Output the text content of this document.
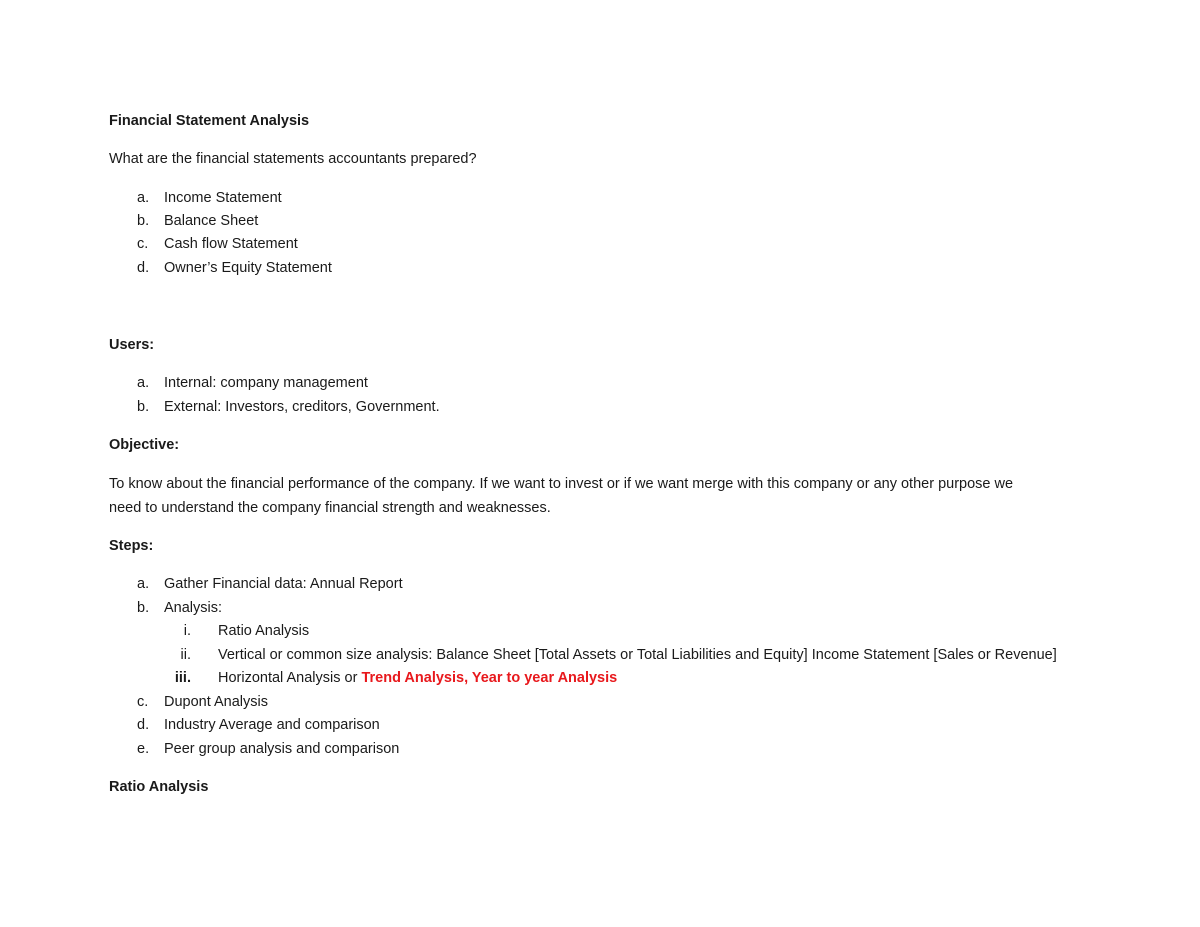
Financial Statement Analysis
What are the financial statements accountants prepared?
a. Income Statement
b. Balance Sheet
c. Cash flow Statement
d. Owner’s Equity Statement
Users:
a. Internal: company management
b. External: Investors, creditors, Government.
Objective:
To know about the financial performance of the company. If we want to invest or if we want merge with this company or any other purpose we
need to understand the company financial strength and weaknesses.
Steps:
a. Gather Financial data: Annual Report
b. Analysis:
i. Ratio Analysis
ii. Vertical or common size analysis: Balance Sheet [Total Assets or Total Liabilities and Equity] Income Statement [Sales or Revenue]
iii. Horizontal Analysis or Trend Analysis, Year to year Analysis
c. Dupont Analysis
d. Industry Average and comparison
e. Peer group analysis and comparison
Ratio Analysis
